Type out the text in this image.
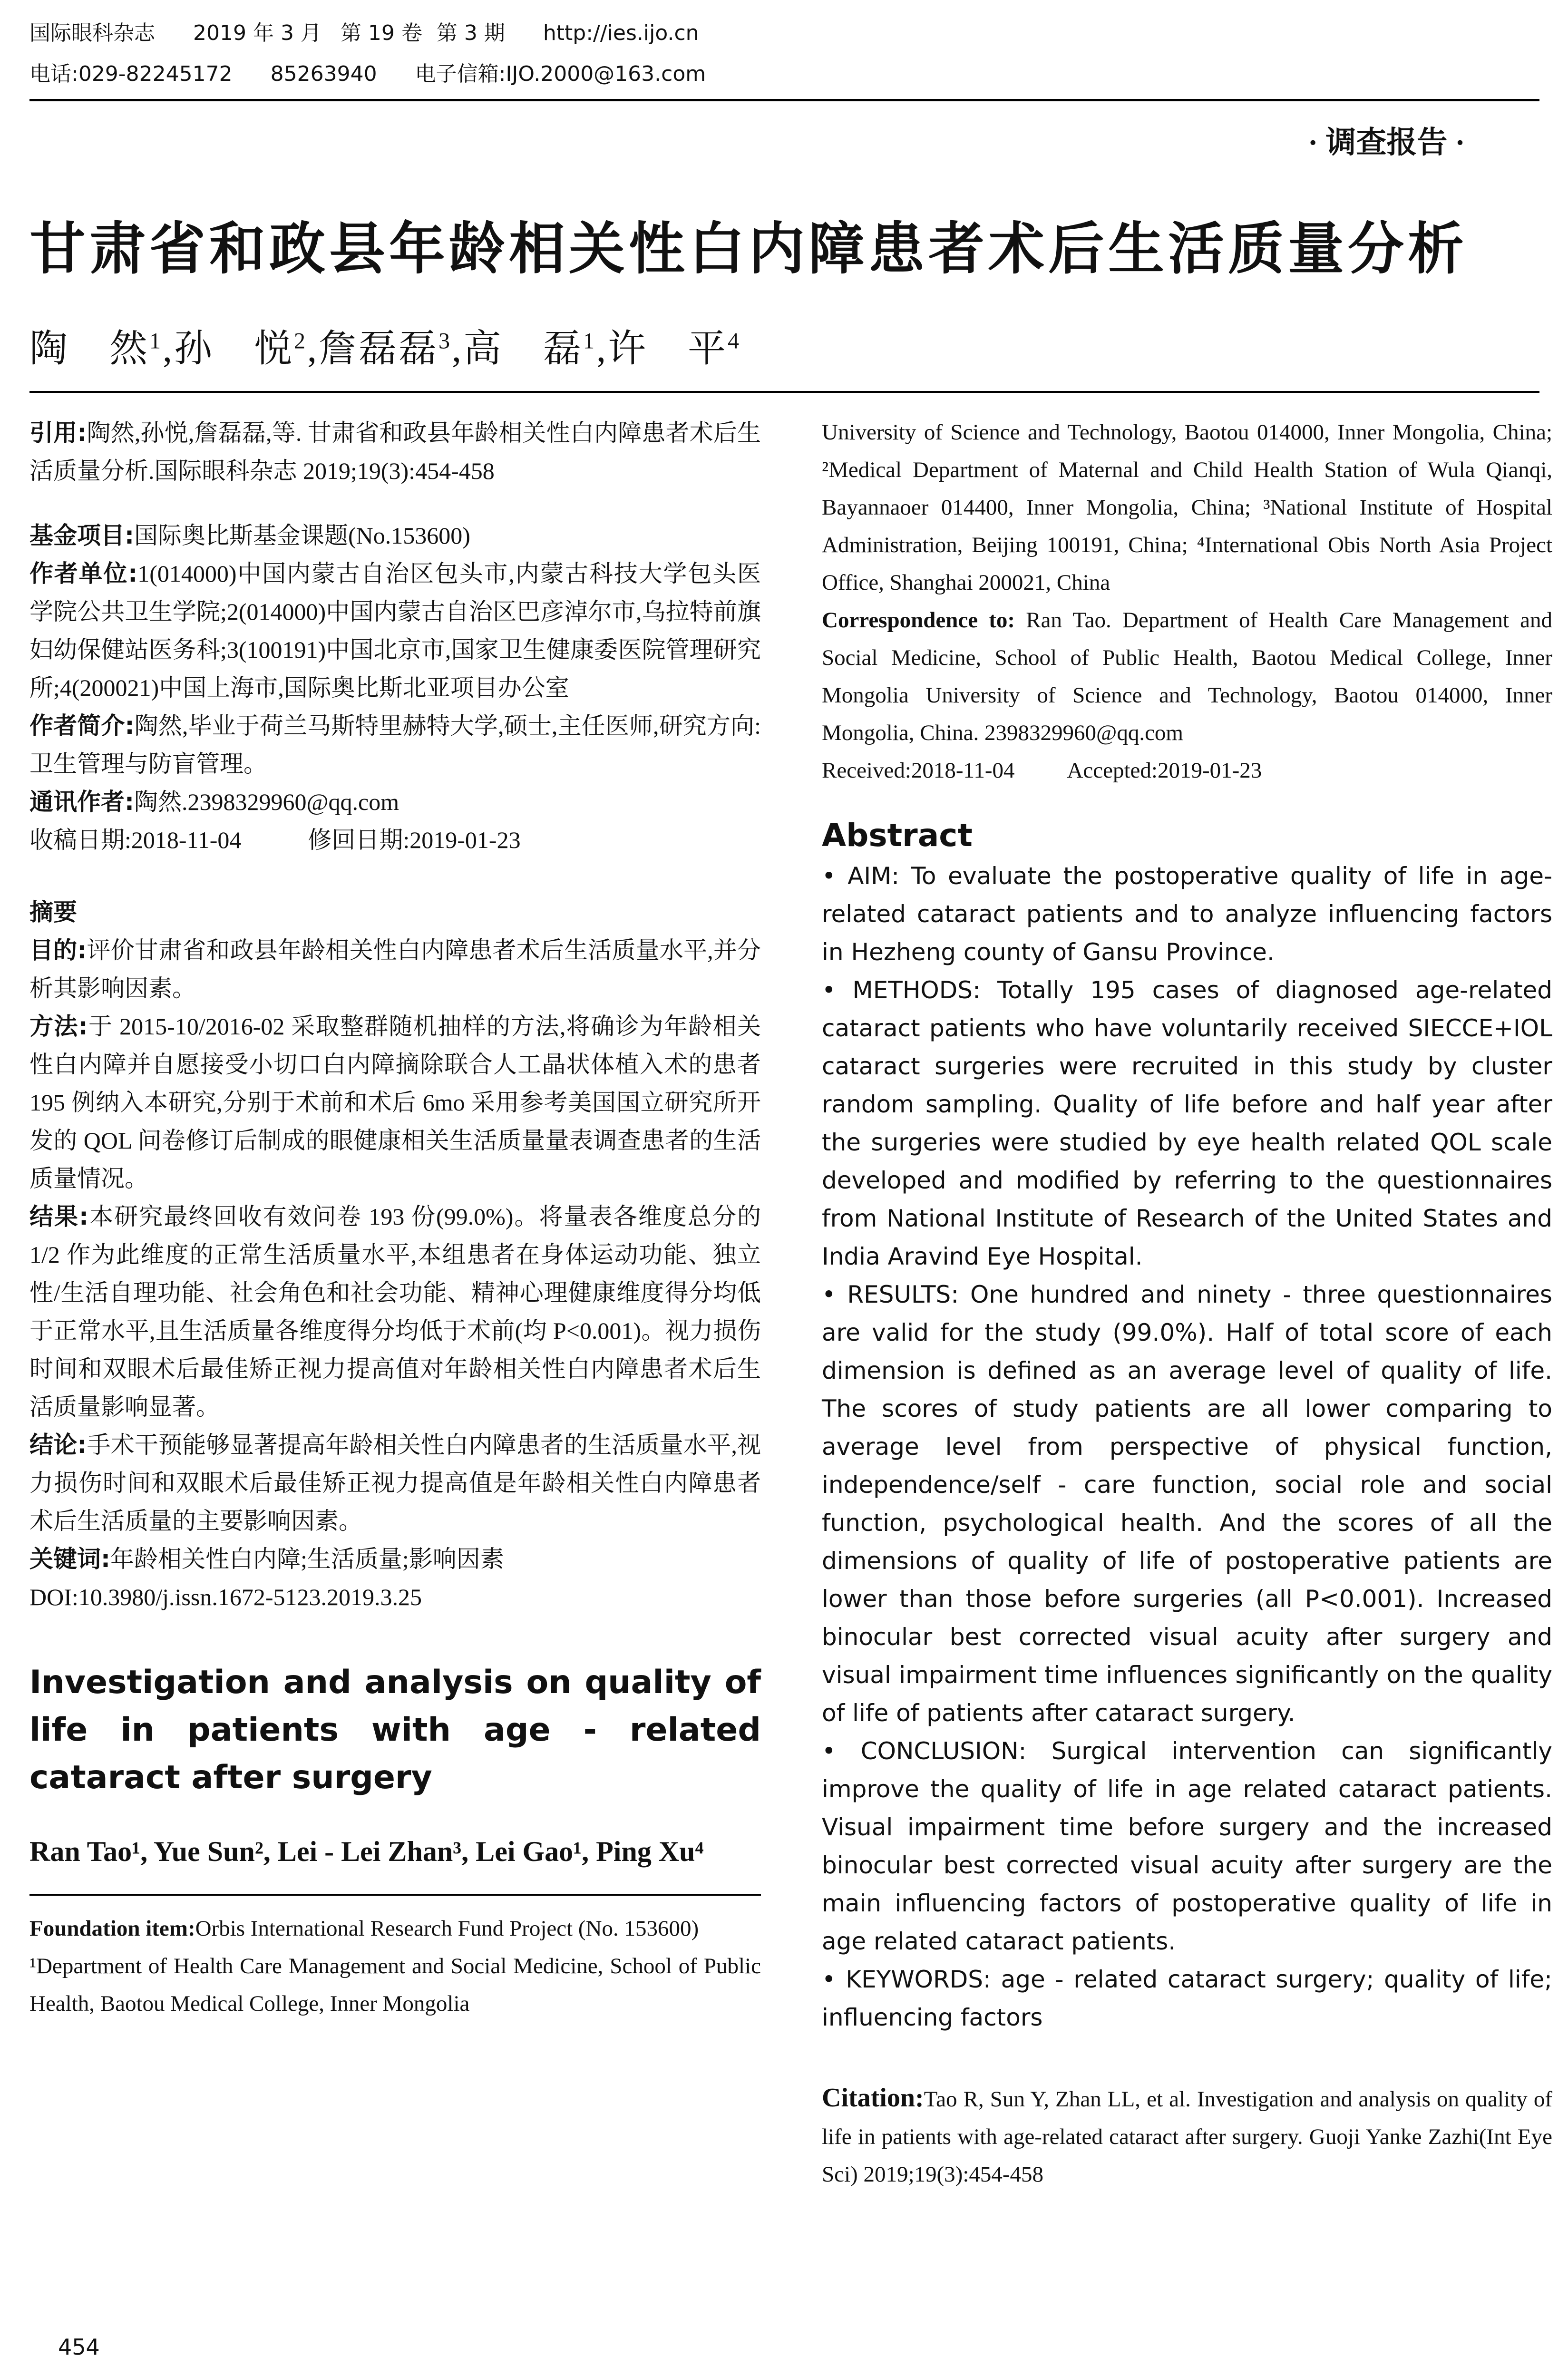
国际眼科杂志 2019 年 3 月 第 19 卷 第 3 期 http://ies.ijo.cn
电话:029-82245172 85263940 电子信箱:IJO.2000@163.com
· 调查报告 ·
甘肃省和政县年龄相关性白内障患者术后生活质量分析
陶　然$^1$,孙　悦$^2$,詹磊磊$^3$,高　磊$^1$,许　平$^4$

引用:陶然,孙悦,詹磊磊,等. 甘肃省和政县年龄相关性白内障患者术后生活质量分析.国际眼科杂志 2019;19(3):454-458

基金项目:国际奥比斯基金课题(No.153600)

作者单位:1(014000)中国内蒙古自治区包头市,内蒙古科技大学包头医学院公共卫生学院;2(014000)中国内蒙古自治区巴彦淖尔市,乌拉特前旗妇幼保健站医务科;3(100191)中国北京市,国家卫生健康委医院管理研究所;4(200021)中国上海市,国际奥比斯北亚项目办公室

作者简介:陶然,毕业于荷兰马斯特里赫特大学,硕士,主任医师,研究方向:卫生管理与防盲管理。

通讯作者:陶然.2398329960@qq.com

收稿日期:2018-11-04	修回日期:2019-01-23

摘要

目的:评价甘肃省和政县年龄相关性白内障患者术后生活质量水平,并分析其影响因素。

方法:于 2015-10/2016-02 采取整群随机抽样的方法,将确诊为年龄相关性白内障并自愿接受小切口白内障摘除联合人工晶状体植入术的患者 195 例纳入本研究,分别于术前和术后 6mo 采用参考美国国立研究所开发的 QOL 问卷修订后制成的眼健康相关生活质量量表调查患者的生活质量情况。

结果:本研究最终回收有效问卷 193 份(99.0%)。将量表各维度总分的 1/2 作为此维度的正常生活质量水平,本组患者在身体运动功能、独立性/生活自理功能、社会角色和社会功能、精神心理健康维度得分均低于正常水平,且生活质量各维度得分均低于术前(均 P<0.001)。视力损伤时间和双眼术后最佳矫正视力提高值对年龄相关性白内障患者术后生活质量影响显著。

结论:手术干预能够显著提高年龄相关性白内障患者的生活质量水平,视力损伤时间和双眼术后最佳矫正视力提高值是年龄相关性白内障患者术后生活质量的主要影响因素。

关键词:年龄相关性白内障;生活质量;影响因素

DOI:10.3980/j.issn.1672-5123.2019.3.25

Investigation and analysis on quality of life in patients with age - related cataract after surgery

Ran Tao¹, Yue Sun², Lei - Lei Zhan³, Lei Gao¹, Ping Xu⁴

Foundation item:Orbis International Research Fund Project (No. 153600)

¹Department of Health Care Management and Social Medicine, School of Public Health, Baotou Medical College, Inner Mongolia

454

University of Science and Technology, Baotou 014000, Inner Mongolia, China; ²Medical Department of Maternal and Child Health Station of Wula Qianqi, Bayannaoer 014400, Inner Mongolia, China; ³National Institute of Hospital Administration, Beijing 100191, China; ⁴International Obis North Asia Project Office, Shanghai 200021, China

Correspondence to: Ran Tao. Department of Health Care Management and Social Medicine, School of Public Health, Baotou Medical College, Inner Mongolia University of Science and Technology, Baotou 014000, Inner Mongolia, China. 2398329960@qq.com

Received:2018-11-04 Accepted:2019-01-23

Abstract

• AIM: To evaluate the postoperative quality of life in age-related cataract patients and to analyze influencing factors in Hezheng county of Gansu Province.

• METHODS: Totally 195 cases of diagnosed age-related cataract patients who have voluntarily received SIECCE+IOL cataract surgeries were recruited in this study by cluster random sampling. Quality of life before and half year after the surgeries were studied by eye health related QOL scale developed and modified by referring to the questionnaires from National Institute of Research of the United States and India Aravind Eye Hospital.

• RESULTS: One hundred and ninety - three questionnaires are valid for the study (99.0%). Half of total score of each dimension is defined as an average level of quality of life. The scores of study patients are all lower comparing to average level from perspective of physical function, independence/self - care function, social role and social function, psychological health. And the scores of all the dimensions of quality of life of postoperative patients are lower than those before surgeries (all P<0.001). Increased binocular best corrected visual acuity after surgery and visual impairment time influences significantly on the quality of life of patients after cataract surgery.

• CONCLUSION: Surgical intervention can significantly improve the quality of life in age related cataract patients. Visual impairment time before surgery and the increased binocular best corrected visual acuity after surgery are the main influencing factors of postoperative quality of life in age related cataract patients.

• KEYWORDS: age - related cataract surgery; quality of life; influencing factors

Citation:Tao R, Sun Y, Zhan LL, et al. Investigation and analysis on quality of life in patients with age-related cataract after surgery. Guoji Yanke Zazhi(Int Eye Sci) 2019;19(3):454-458
